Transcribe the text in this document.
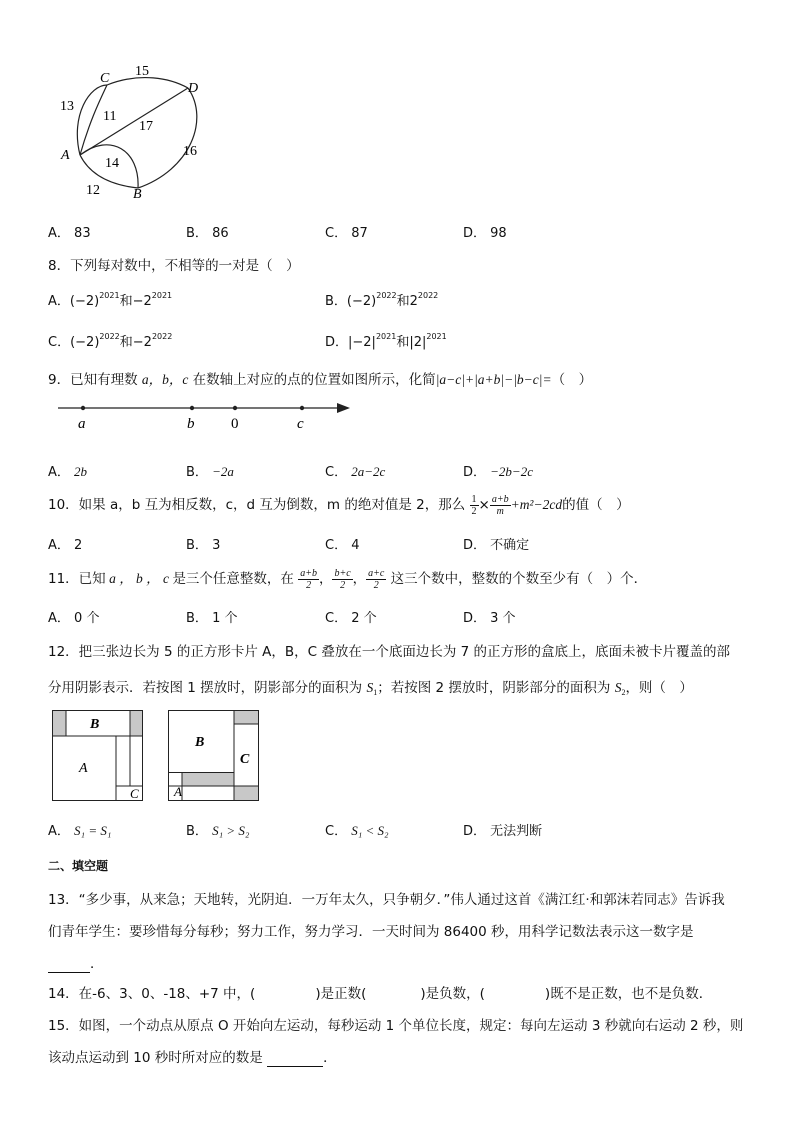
C
D
A
B
13
15
11
17
14
16
12
A． 83	B． 86	C． 87	D． 98
8．下列每对数中，不相等的一对是（　）
A．$(-2)^{2021}$和$-2^{2021}$	B．$(-2)^{2022}$和$2^{2022}$
C．$(-2)^{2022}$和$-2^{2022}$	D．$|-2|^{2021}$和$|2|^{2021}$
9．已知有理数 a，b，c 在数轴上对应的点的位置如图所示，化简|a−c|+|a+b|−|b−c|=（　）
a	b 0	c
A． 2b	B． −2a	C． 2a−2c	D． −2b−2c
10．如果 a，b 互为相反数，c，d 互为倒数，m 的绝对值是 2，那么 $\frac{1}{2} \times \frac{a+b}{m} +m^2-2cd$的值（　）
A． 2	B． 3	C． 4	D． 不确定
11．已知 a ， b ， c 是三个任意整数，在 $\frac{a+b}{2}$ ， $\frac{b+c}{2}$ ， $\frac{a+c}{2}$ 这三个数中，整数的个数至少有（　）个．
A． 0 个	B． 1 个	C． 2 个	D． 3 个
12．把三张边长为 5 的正方形卡片 A，B，C 叠放在一个底面边长为 7 的正方形的盒底上，底面未被卡片覆盖的部
分用阴影表示．若按图 1 摆放时，阴影部分的面积为 $S_1$；若按图 2 摆放时，阴影部分的面积为 $S_2$，则（　）
B
A
C
B
C
A
A． S₁ = S₁	B． S₁ > S₂	C． S₁ < S₂	D． 无法判断
二、填空题
13．“多少事，从来急；天地转，光阴迫．一万年太久，只争朝夕．”伟人通过这首《满江红·和郭沫若同志》告诉我
们青年学生：要珍惜每分每秒；努力工作，努力学习．一天时间为 86400 秒，用科学记数法表示这一数字是
．
14．在-6、3、0、-18、+7 中，(	)是正数(	)是负数，(	)既不是正数，也不是负数．
15．如图，一个动点从原点 O 开始向左运动，每秒运动 1 个单位长度，规定：每向左运动 3 秒就向右运动 2 秒，则
该动点运动到 10 秒时所对应的数是	．
